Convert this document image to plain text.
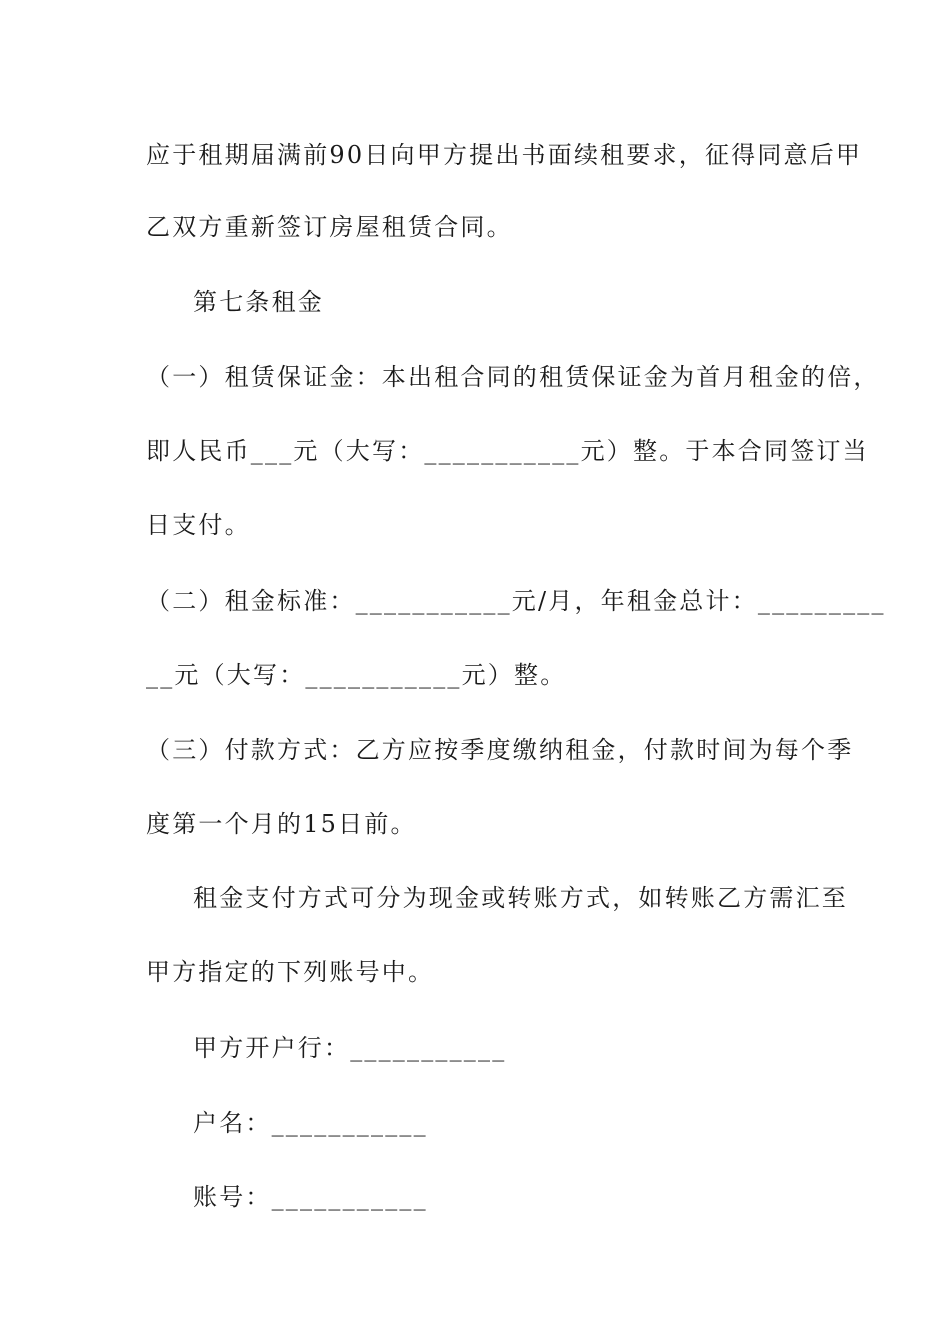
应于租期届满前90日向甲方提出书面续租要求，征得同意后甲
乙双方重新签订房屋租赁合同。
第七条租金
（一）租赁保证金：本出租合同的租赁保证金为首月租金的倍，
即人民币___元（大写：___________元）整。于本合同签订当
日支付。
（二）租金标准：___________元/月，年租金总计：_________
__元（大写：___________元）整。
（三）付款方式：乙方应按季度缴纳租金，付款时间为每个季
度第一个月的15日前。
租金支付方式可分为现金或转账方式，如转账乙方需汇至
甲方指定的下列账号中。
甲方开户行：___________
户名：___________
账号：___________
